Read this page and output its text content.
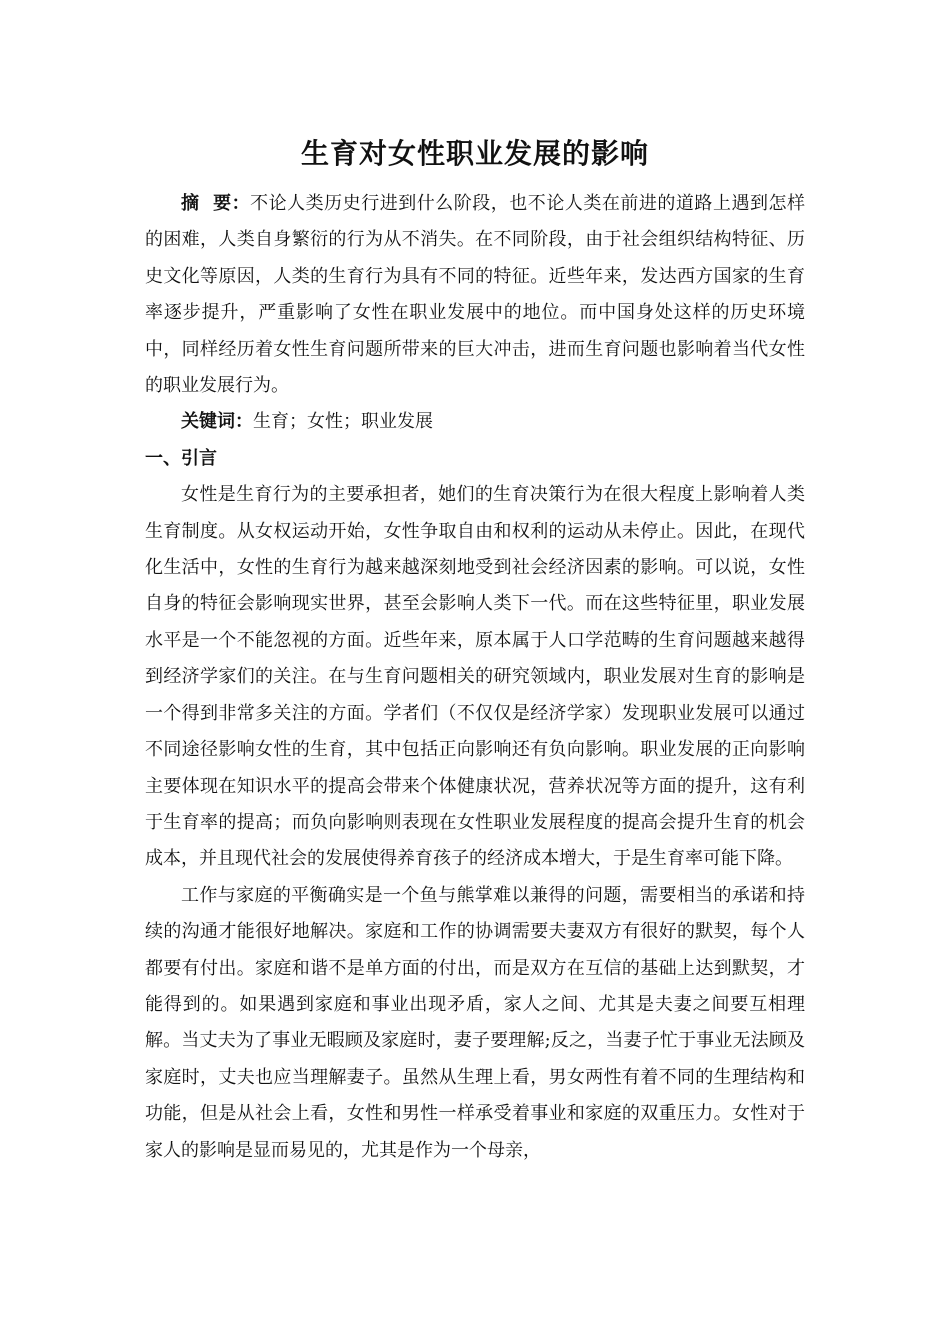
生育对女性职业发展的影响

摘  要：不论人类历史行进到什么阶段，也不论人类在前进的道路上遇到怎样的困难，人类自身繁衍的行为从不消失。在不同阶段，由于社会组织结构特征、历史文化等原因，人类的生育行为具有不同的特征。近些年来，发达西方国家的生育率逐步提升，严重影响了女性在职业发展中的地位。而中国身处这样的历史环境中，同样经历着女性生育问题所带来的巨大冲击，进而生育问题也影响着当代女性的职业发展行为。

关键词：生育；女性；职业发展

一、引言

女性是生育行为的主要承担者，她们的生育决策行为在很大程度上影响着人类生育制度。从女权运动开始，女性争取自由和权利的运动从未停止。因此，在现代化生活中，女性的生育行为越来越深刻地受到社会经济因素的影响。可以说，女性自身的特征会影响现实世界，甚至会影响人类下一代。而在这些特征里，职业发展水平是一个不能忽视的方面。近些年来，原本属于人口学范畴的生育问题越来越得到经济学家们的关注。在与生育问题相关的研究领域内，职业发展对生育的影响是一个得到非常多关注的方面。学者们（不仅仅是经济学家）发现职业发展可以通过不同途径影响女性的生育，其中包括正向影响还有负向影响。职业发展的正向影响主要体现在知识水平的提高会带来个体健康状况，营养状况等方面的提升，这有利于生育率的提高；而负向影响则表现在女性职业发展程度的提高会提升生育的机会成本，并且现代社会的发展使得养育孩子的经济成本增大，于是生育率可能下降。

工作与家庭的平衡确实是一个鱼与熊掌难以兼得的问题，需要相当的承诺和持续的沟通才能很好地解决。家庭和工作的协调需要夫妻双方有很好的默契，每个人都要有付出。家庭和谐不是单方面的付出，而是双方在互信的基础上达到默契，才能得到的。如果遇到家庭和事业出现矛盾，家人之间、尤其是夫妻之间要互相理解。当丈夫为了事业无暇顾及家庭时，妻子要理解;反之，当妻子忙于事业无法顾及家庭时，丈夫也应当理解妻子。虽然从生理上看，男女两性有着不同的生理结构和功能，但是从社会上看，女性和男性一样承受着事业和家庭的双重压力。女性对于家人的影响是显而易见的，尤其是作为一个母亲，
